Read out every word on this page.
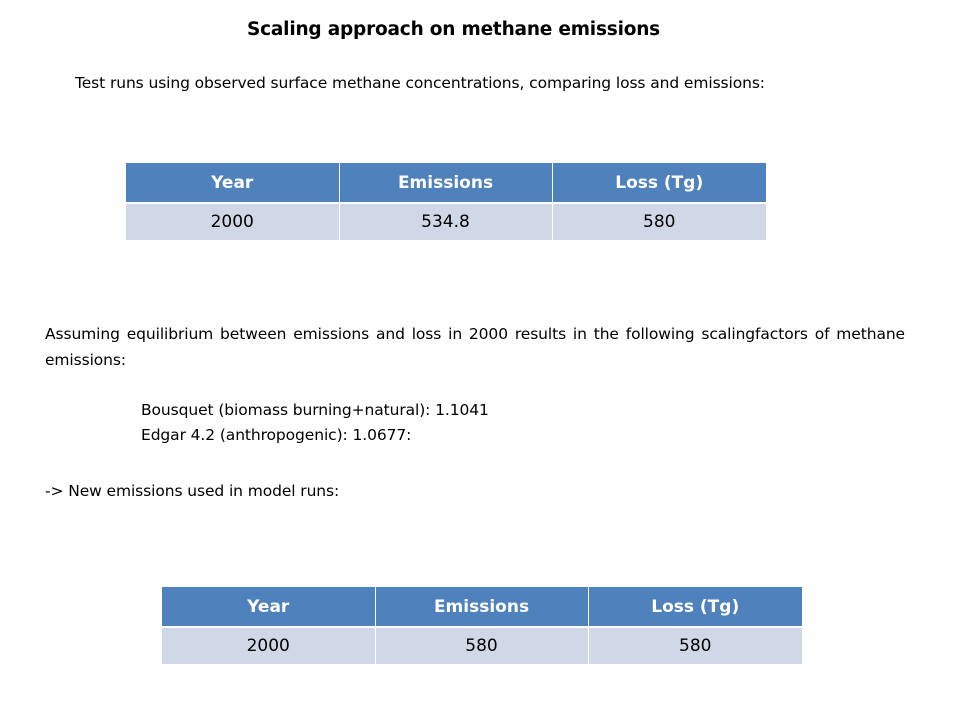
Scaling approach on methane emissions
Test runs using observed surface methane concentrations, comparing loss and emissions:
Year	Emissions	Loss (Tg)
2000	534.8	580
Assuming equilibrium between emissions and loss in 2000 results in the following scalingfactors of methane emissions:
Bousquet (biomass burning+natural): 1.1041
Edgar 4.2 (anthropogenic): 1.0677:
-> New emissions used in model runs:
Year	Emissions	Loss (Tg)
2000	580	580
